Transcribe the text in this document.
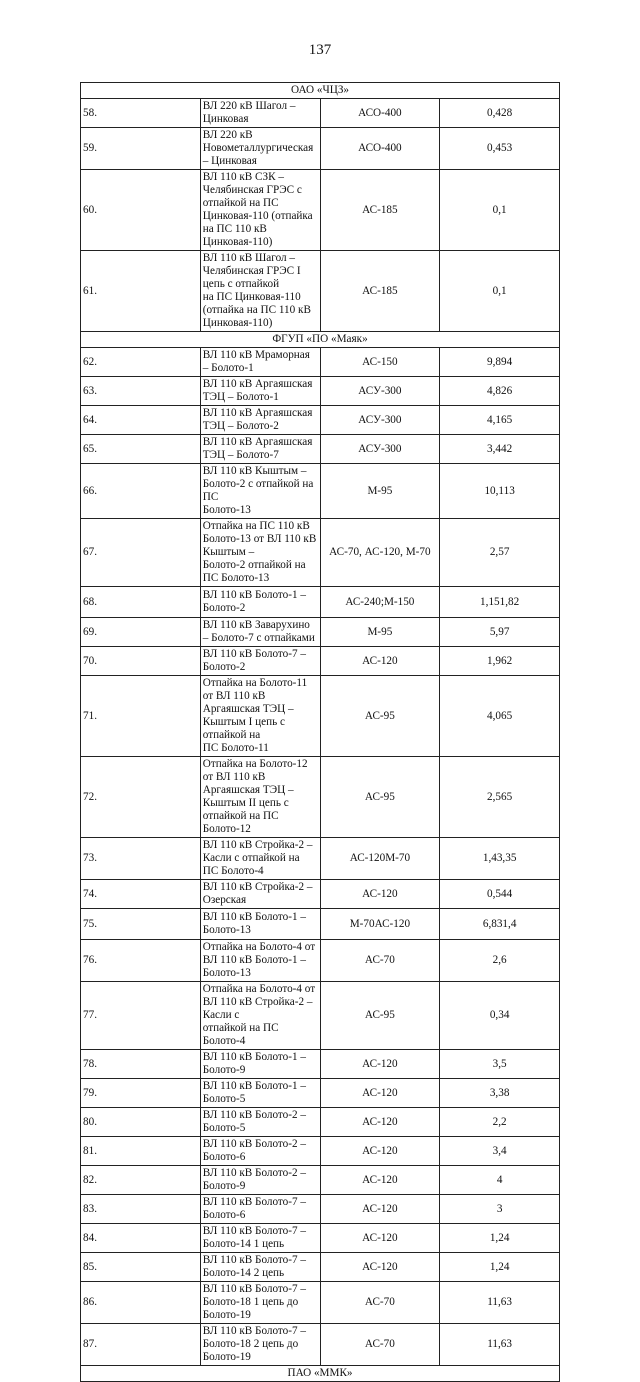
137
ОАО «ЧЦЗ»			
58.	ВЛ 220 кВ Шагол – Цинковая	АСО-400	0,428
59.	ВЛ 220 кВ Новометаллургическая – Цинковая	АСО-400	0,453
60.	ВЛ 110 кВ СЗК – Челябинская ГРЭС с отпайкой на ПС
Цинковая-110 (отпайка на ПС 110 кВ Цинковая-110)	АС-185	0,1
61.	ВЛ 110 кВ Шагол – Челябинская ГРЭС I цепь с отпайкой
на ПС Цинковая-110 (отпайка на ПС 110 кВ Цинковая-110)	АС-185	0,1
ФГУП «ПО «Маяк»			
62.	ВЛ 110 кВ Мраморная – Болото-1	АС-150	9,894
63.	ВЛ 110 кВ Аргаяшская ТЭЦ – Болото-1	АСУ-300	4,826
64.	ВЛ 110 кВ Аргаяшская ТЭЦ – Болото-2	АСУ-300	4,165
65.	ВЛ 110 кВ Аргаяшская ТЭЦ – Болото-7	АСУ-300	3,442
66.	ВЛ 110 кВ Кыштым – Болото-2 с отпайкой на ПС
Болото-13	М-95	10,113
67.	Отпайка на ПС 110 кВ Болото-13 от ВЛ 110 кВ Кыштым –
Болото-2 отпайкой на ПС Болото-13	АС-70, АС-120, М-70	2,57
68.	ВЛ 110 кВ Болото-1 – Болото-2	АС-240;М-150	1,151,82
69.	ВЛ 110 кВ Заварухино – Болото-7 с отпайками	М-95	5,97
70.	ВЛ 110 кВ Болото-7 – Болото-2	АС-120	1,962
71.	Отпайка на Болото-11 от ВЛ 110 кВ Аргаяшская ТЭЦ –
Кыштым I цепь с отпайкой на
ПС Болото-11	АС-95	4,065
72.	Отпайка на Болото-12 от ВЛ 110 кВ Аргаяшская ТЭЦ –
Кыштым II цепь с отпайкой на ПС Болото-12	АС-95	2,565
73.	ВЛ 110 кВ Стройка-2 – Касли с отпайкой на ПС Болото-4	АС-120М-70	1,43,35
74.	ВЛ 110 кВ Стройка-2 – Озерская	АС-120	0,544
75.	ВЛ 110 кВ Болото-1 – Болото-13	М-70АС-120	6,831,4
76.	Отпайка на Болото-4 от ВЛ 110 кВ Болото-1 – Болото-13	АС-70	2,6
77.	Отпайка на Болото-4 от ВЛ 110 кВ Стройка-2 – Касли с
отпайкой на ПС Болото-4	АС-95	0,34
78.	ВЛ 110 кВ Болото-1 – Болото-9	АС-120	3,5
79.	ВЛ 110 кВ Болото-1 – Болото-5	АС-120	3,38
80.	ВЛ 110 кВ Болото-2 – Болото-5	АС-120	2,2
81.	ВЛ 110 кВ Болото-2 – Болото-6	АС-120	3,4
82.	ВЛ 110 кВ Болото-2 – Болото-9	АС-120	4
83.	ВЛ 110 кВ Болото-7 – Болото-6	АС-120	3
84.	ВЛ 110 кВ Болото-7 – Болото-14 1 цепь	АС-120	1,24
85.	ВЛ 110 кВ Болото-7 – Болото-14 2 цепь	АС-120	1,24
86.	ВЛ 110 кВ Болото-7 – Болото-18 1 цепь до Болото-19	АС-70	11,63
87.	ВЛ 110 кВ Болото-7 – Болото-18 2 цепь до Болото-19	АС-70	11,63
ПАО «ММК»			
